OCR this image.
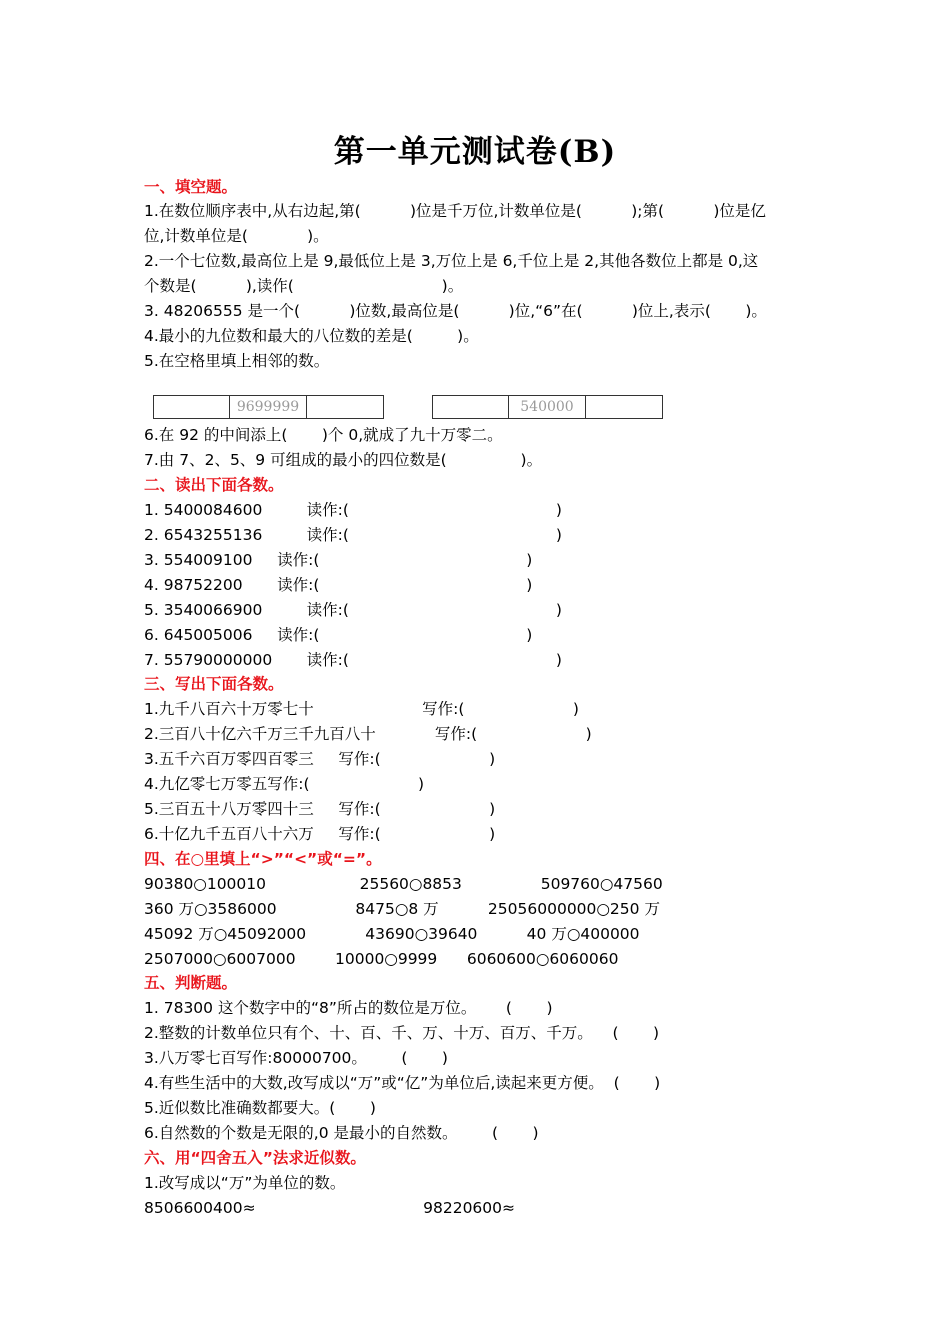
第一单元测试卷(B)
一、填空题。
1.在数位顺序表中,从右边起,第(          )位是千万位,计数单位是(          );第(          )位是亿
位,计数单位是(            )。
2.一个七位数,最高位上是 9,最低位上是 3,万位上是 6,千位上是 2,其他各数位上都是 0,这
个数是(          ),读作(                              )。
3. 48206555 是一个(          )位数,最高位是(          )位,“6”在(          )位上,表示(       )。
4.最小的九位数和最大的八位数的差是(         )。
5.在空格里填上相邻的数。
9699999	540000
6.在 92 的中间添上(       )个 0,就成了九十万零二。
7.由 7、2、5、9 可组成的最小的四位数是(               )。
二、读出下面各数。
1. 5400084600         读作:(                                          )
2. 6543255136         读作:(                                          )
3. 554009100     读作:(                                          )
4. 98752200       读作:(                                          )
5. 3540066900         读作:(                                          )
6. 645005006     读作:(                                          )
7. 55790000000       读作:(                                          )
三、写出下面各数。
1.九千八百六十万零七十                      写作:(                      )
2.三百八十亿六千万三千九百八十            写作:(                      )
3.五千六百万零四百零三     写作:(                      )
4.九亿零七万零五写作:(                      )
5.三百五十八万零四十三     写作:(                      )
6.十亿九千五百八十六万     写作:(                      )
四、在○里填上“>”“<”或“=”。
90380○100010                   25560○8853                509760○47560
360 万○3586000                8475○8 万          25056000000○250 万
45092 万○45092000            43690○39640          40 万○400000
2507000○6007000        10000○9999      6060600○6060060
五、判断题。
1. 78300 这个数字中的“8”所占的数位是万位。      (       )
2.整数的计数单位只有个、十、百、千、万、十万、百万、千万。    (       )
3.八万零七百写作:80000700。       (       )
4.有些生活中的大数,改写成以“万”或“亿”为单位后,读起来更方便。  (       )
5.近似数比准确数都要大。(       )
6.自然数的个数是无限的,0 是最小的自然数。       (       )
六、用“四舍五入”法求近似数。
1.改写成以“万”为单位的数。
8506600400≈                                  98220600≈
